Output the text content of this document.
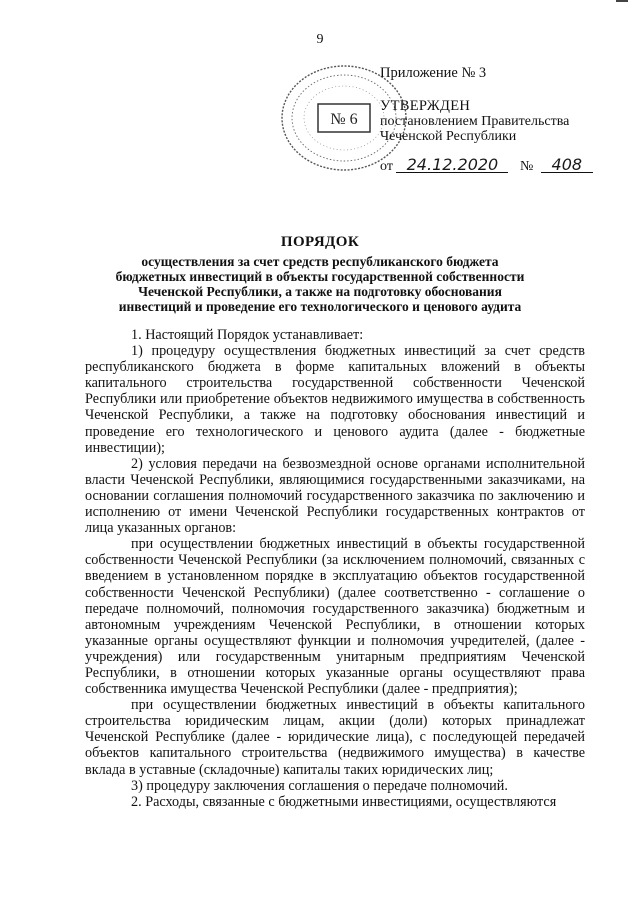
9
№ 6
Приложение № 3
УТВЕРЖДЕН
постановлением Правительства
Чеченской Республики
от 24.12.2020 № 408
ПОРЯДОК
осуществления за счет средств республиканского бюджета бюджетных инвестиций в объекты государственной собственности Чеченской Республики, а также на подготовку обоснования инвестиций и проведение его технологического и ценового аудита

1. Настоящий Порядок устанавливает:

1) процедуру осуществления бюджетных инвестиций за счет средств республиканского бюджета в форме капитальных вложений в объекты капитального строительства государственной собственности Чеченской Республики или приобретение объектов недвижимого имущества в собственность Чеченской Республики, а также на подготовку обоснования инвестиций и проведение его технологического и ценового аудита (далее - бюджетные инвестиции);

2) условия передачи на безвозмездной основе органами исполнительной власти Чеченской Республики, являющимися государственными заказчиками, на основании соглашения полномочий государственного заказчика по заключению и исполнению от имени Чеченской Республики государственных контрактов от лица указанных органов:

при осуществлении бюджетных инвестиций в объекты государственной собственности Чеченской Республики (за исключением полномочий, связанных с введением в установленном порядке в эксплуатацию объектов государственной собственности Чеченской Республики) (далее соответственно - соглашение о передаче полномочий, полномочия государственного заказчика) бюджетным и автономным учреждениям Чеченской Республики, в отношении которых указанные органы осуществляют функции и полномочия учредителей, (далее - учреждения) или государственным унитарным предприятиям Чеченской Республики, в отношении которых указанные органы осуществляют права собственника имущества Чеченской Республики (далее - предприятия);

при осуществлении бюджетных инвестиций в объекты капитального строительства юридическим лицам, акции (доли) которых принадлежат Чеченской Республике (далее - юридические лица), с последующей передачей объектов капитального строительства (недвижимого имущества) в качестве вклада в уставные (складочные) капиталы таких юридических лиц;

3) процедуру заключения соглашения о передаче полномочий.

2. Расходы, связанные с бюджетными инвестициями, осуществляются
